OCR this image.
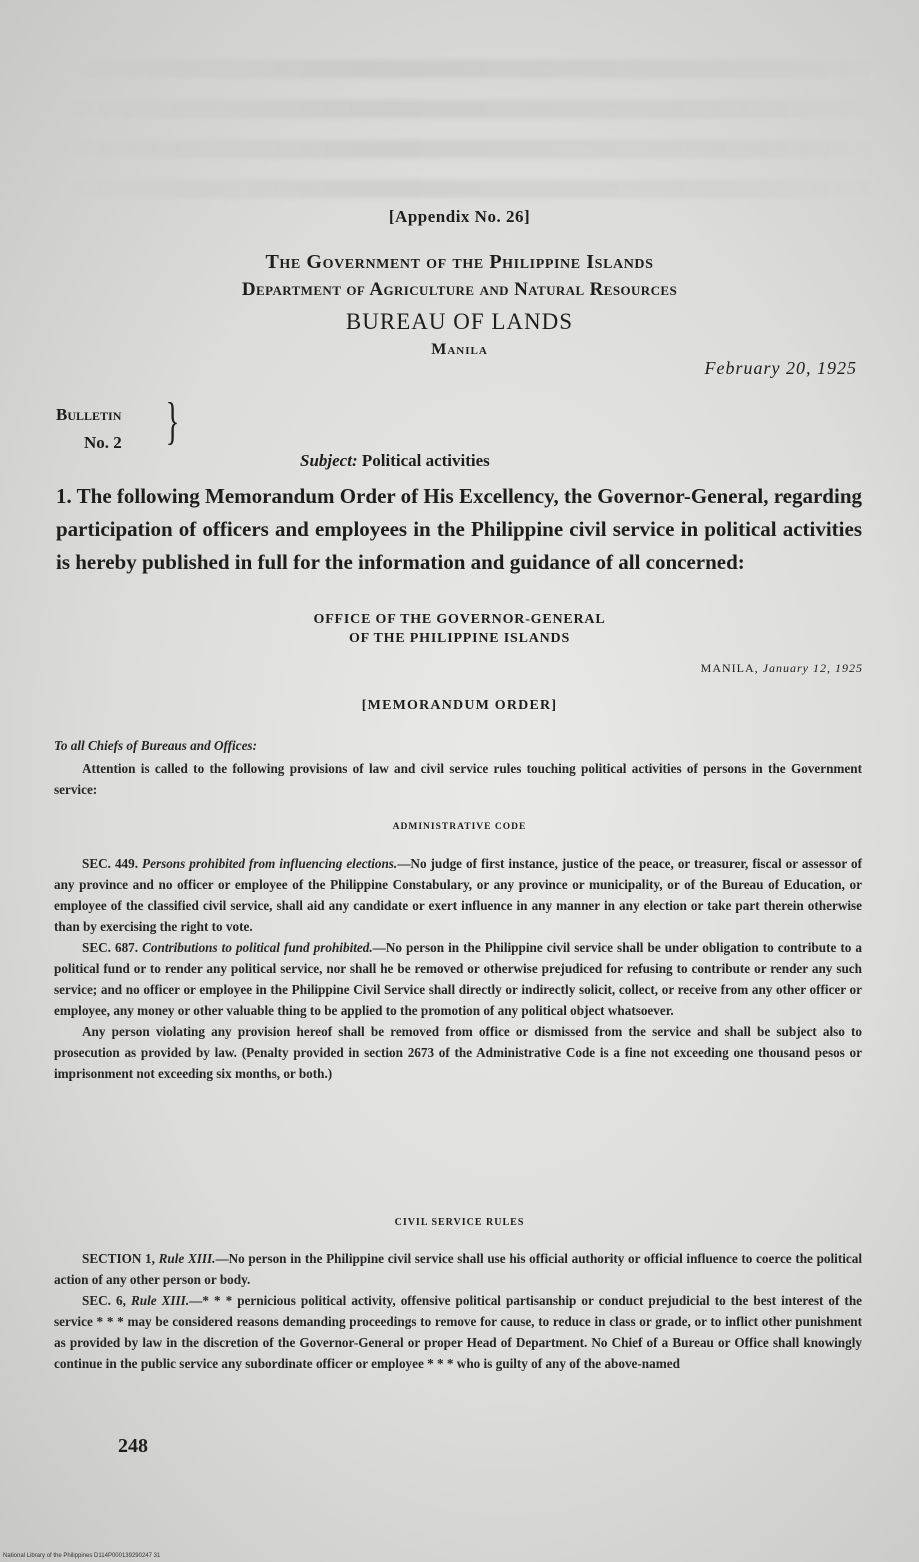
[Appendix No. 26]
The Government of the Philippine Islands
Department of Agriculture and Natural Resources
BUREAU OF LANDS
Manila
February 20, 1925
Bulletin
No. 2 }
Subject: Political activities
1. The following Memorandum Order of His Excellency, the Governor-General, regarding participation of officers and employees in the Philippine civil service in political activities is hereby published in full for the information and guidance of all concerned:
OFFICE OF THE GOVERNOR-GENERAL
OF THE PHILIPPINE ISLANDS
MANILA, January 12, 1925
[MEMORANDUM ORDER]
To all Chiefs of Bureaus and Offices:
Attention is called to the following provisions of law and civil service rules touching political activities of persons in the Government service:
ADMINISTRATIVE CODE

SEC. 449. Persons prohibited from influencing elections.—No judge of first instance, justice of the peace, or treasurer, fiscal or assessor of any province and no officer or employee of the Philippine Constabulary, or any province or municipality, or of the Bureau of Education, or employee of the classified civil service, shall aid any candidate or exert influence in any manner in any election or take part therein otherwise than by exercising the right to vote.

SEC. 687. Contributions to political fund prohibited.—No person in the Philippine civil service shall be under obligation to contribute to a political fund or to render any political service, nor shall he be removed or otherwise prejudiced for refusing to contribute or render any such service; and no officer or employee in the Philippine Civil Service shall directly or indirectly solicit, collect, or receive from any other officer or employee, any money or other valuable thing to be applied to the promotion of any political object whatsoever.

Any person violating any provision hereof shall be removed from office or dismissed from the service and shall be subject also to prosecution as provided by law. (Penalty provided in section 2673 of the Administrative Code is a fine not exceeding one thousand pesos or imprisonment not exceeding six months, or both.)

CIVIL SERVICE RULES

SECTION 1, Rule XIII.—No person in the Philippine civil service shall use his official authority or official influence to coerce the political action of any other person or body.

SEC. 6, Rule XIII.—* * * pernicious political activity, offensive political partisanship or conduct prejudicial to the best interest of the service * * * may be considered reasons demanding proceedings to remove for cause, to reduce in class or grade, or to inflict other punishment as provided by law in the discretion of the Governor-General or proper Head of Department. No Chief of a Bureau or Office shall knowingly continue in the public service any subordinate officer or employee * * * who is guilty of any of the above-named

248
National Library of the Philippines D114P000139290247 31
